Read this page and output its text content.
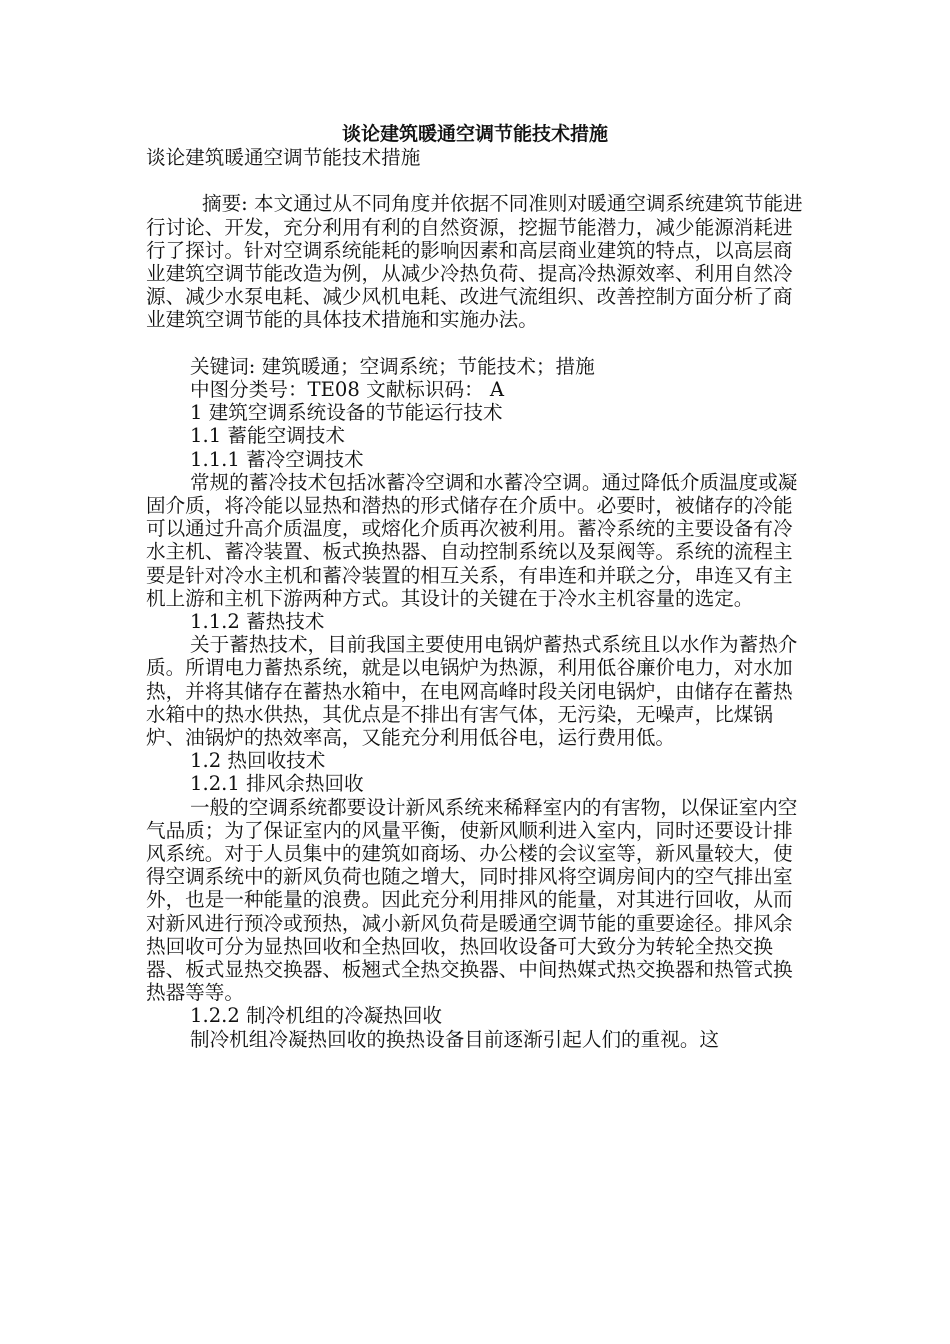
谈论建筑暖通空调节能技术措施

谈论建筑暖通空调节能技术措施

摘要: 本文通过从不同角度并依据不同准则对暖通空调系统建筑节能进行讨论、开发，充分利用有利的自然资源，挖掘节能潜力，减少能源消耗进行了探讨。针对空调系统能耗的影响因素和高层商业建筑的特点，以高层商业建筑空调节能改造为例，从减少冷热负荷、提高冷热源效率、利用自然冷源、减少水泵电耗、减少风机电耗、改进气流组织、改善控制方面分析了商业建筑空调节能的具体技术措施和实施办法。

关键词: 建筑暖通；空调系统；节能技术；措施

中图分类号：TE08 文献标识码： A

1 建筑空调系统设备的节能运行技术

1.1 蓄能空调技术

1.1.1 蓄冷空调技术

常规的蓄冷技术包括冰蓄冷空调和水蓄冷空调。通过降低介质温度或凝固介质，将冷能以显热和潜热的形式储存在介质中。必要时，被储存的冷能可以通过升高介质温度，或熔化介质再次被利用。蓄冷系统的主要设备有冷水主机、蓄冷装置、板式换热器、自动控制系统以及泵阀等。系统的流程主要是针对冷水主机和蓄冷装置的相互关系，有串连和并联之分，串连又有主机上游和主机下游两种方式。其设计的关键在于冷水主机容量的选定。

1.1.2 蓄热技术

关于蓄热技术，目前我国主要使用电锅炉蓄热式系统且以水作为蓄热介质。所谓电力蓄热系统，就是以电锅炉为热源，利用低谷廉价电力，对水加热，并将其储存在蓄热水箱中，在电网高峰时段关闭电锅炉，由储存在蓄热水箱中的热水供热，其优点是不排出有害气体，无污染，无噪声，比煤锅炉、油锅炉的热效率高，又能充分利用低谷电，运行费用低。

1.2 热回收技术

1.2.1 排风余热回收

一般的空调系统都要设计新风系统来稀释室内的有害物，以保证室内空气品质；为了保证室内的风量平衡，使新风顺利进入室内，同时还要设计排风系统。对于人员集中的建筑如商场、办公楼的会议室等，新风量较大，使得空调系统中的新风负荷也随之增大，同时排风将空调房间内的空气排出室外，也是一种能量的浪费。因此充分利用排风的能量，对其进行回收，从而对新风进行预冷或预热，减小新风负荷是暖通空调节能的重要途径。排风余热回收可分为显热回收和全热回收，热回收设备可大致分为转轮全热交换器、板式显热交换器、板翘式全热交换器、中间热媒式热交换器和热管式换热器等等。

1.2.2 制冷机组的冷凝热回收

制冷机组冷凝热回收的换热设备目前逐渐引起人们的重视。这
